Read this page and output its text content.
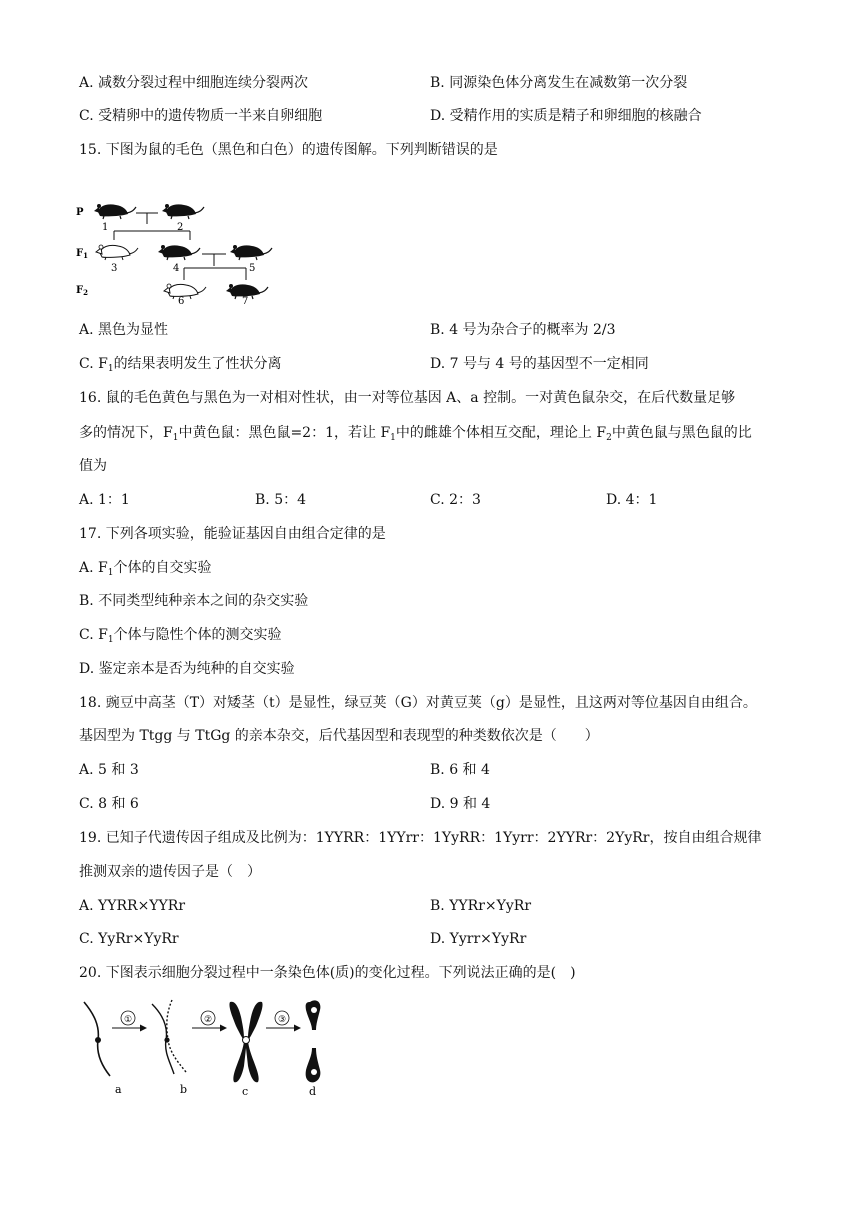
A. 减数分裂过程中细胞连续分裂两次	B. 同源染色体分离发生在减数第一次分裂
C. 受精卵中的遗传物质一半来自卵细胞	D. 受精作用的实质是精子和卵细胞的核融合
15. 下图为鼠的毛色（黑色和白色）的遗传图解。下列判断错误的是
P
$F_1$
$F_2$
1	2
3	4	5
6	7
A. 黑色为显性	B. 4 号为杂合子的概率为 2/3
C. $F_1$的结果表明发生了性状分离	D. 7 号与 4 号的基因型不一定相同
16. 鼠的毛色黄色与黑色为一对相对性状，由一对等位基因 A、a 控制。一对黄色鼠杂交，在后代数量足够
多的情况下，$F_1$中黄色鼠：黑色鼠=2：1，若让 $F_1$中的雌雄个体相互交配，理论上 $F_2$中黄色鼠与黑色鼠的比
值为
A. 1：1	B. 5：4	C. 2：3	D. 4：1
17. 下列各项实验，能验证基因自由组合定律的是
A. $F_1$个体的自交实验
B. 不同类型纯种亲本之间的杂交实验
C. $F_1$个体与隐性个体的测交实验
D. 鉴定亲本是否为纯种的自交实验
18. 豌豆中高茎（T）对矮茎（t）是显性，绿豆荚（G）对黄豆荚（g）是显性，且这两对等位基因自由组合。
基因型为 Ttgg 与 TtGg 的亲本杂交，后代基因型和表现型的种类数依次是（　　）
A. 5 和 3	B. 6 和 4
C. 8 和 6	D. 9 和 4
19. 已知子代遗传因子组成及比例为：1YYRR：1YYrr：1YyRR：1Yyrr：2YYRr：2YyRr，按自由组合规律
推测双亲的遗传因子是（　）
A. YYRR×YYRr	B. YYRr×YyRr
C. YyRr×YyRr	D. Yyrr×YyRr
20. 下图表示细胞分裂过程中一条染色体(质)的变化过程。下列说法正确的是(　)
a
①
b
②
c
③
d
